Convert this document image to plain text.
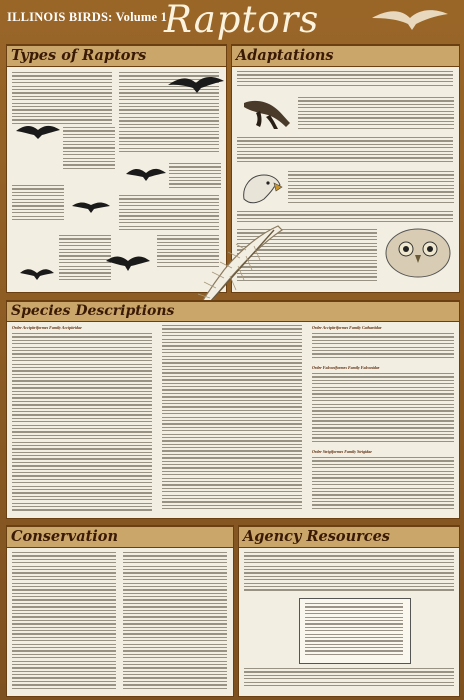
ILLINOIS BIRDS: Volume 1
Raptors
Types of Raptors	Adaptations
Species Descriptions
Order Accipitriformes Family Accipitridae	Order Accipitriformes Family Cathartidae
Order Falconiformes Family Falconidae
Order Strigiformes Family Strigidae
Conservation	Agency Resources
